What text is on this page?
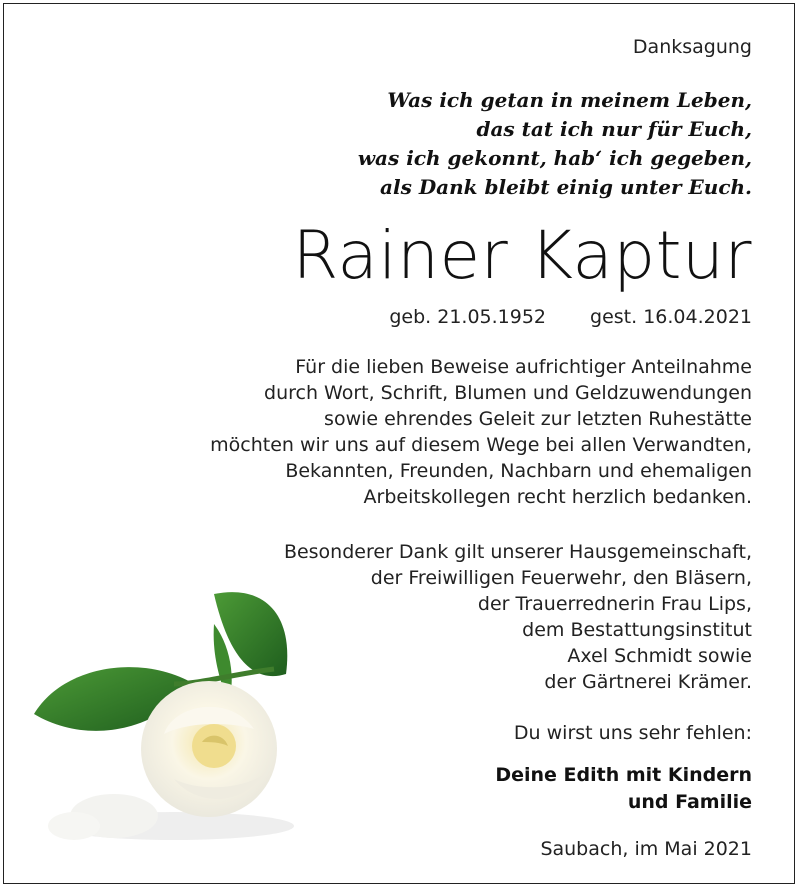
Danksagung
Was ich getan in meinem Leben,
das tat ich nur für Euch,
was ich gekonnt, hab‘ ich gegeben,
als Dank bleibt einig unter Euch.
Rainer Kaptur
geb. 21.05.1952 gest. 16.04.2021
Für die lieben Beweise aufrichtiger Anteilnahme
durch Wort, Schrift, Blumen und Geldzuwendungen
sowie ehrendes Geleit zur letzten Ruhestätte
möchten wir uns auf diesem Wege bei allen Verwandten,
Bekannten, Freunden, Nachbarn und ehemaligen
Arbeitskollegen recht herzlich bedanken.
Besonderer Dank gilt unserer Hausgemeinschaft,
der Freiwilligen Feuerwehr, den Bläsern,
der Trauerrednerin Frau Lips,
dem Bestattungsinstitut
Axel Schmidt sowie
der Gärtnerei Krämer.
Du wirst uns sehr fehlen:
Deine Edith mit Kindern
und Familie
Saubach, im Mai 2021
